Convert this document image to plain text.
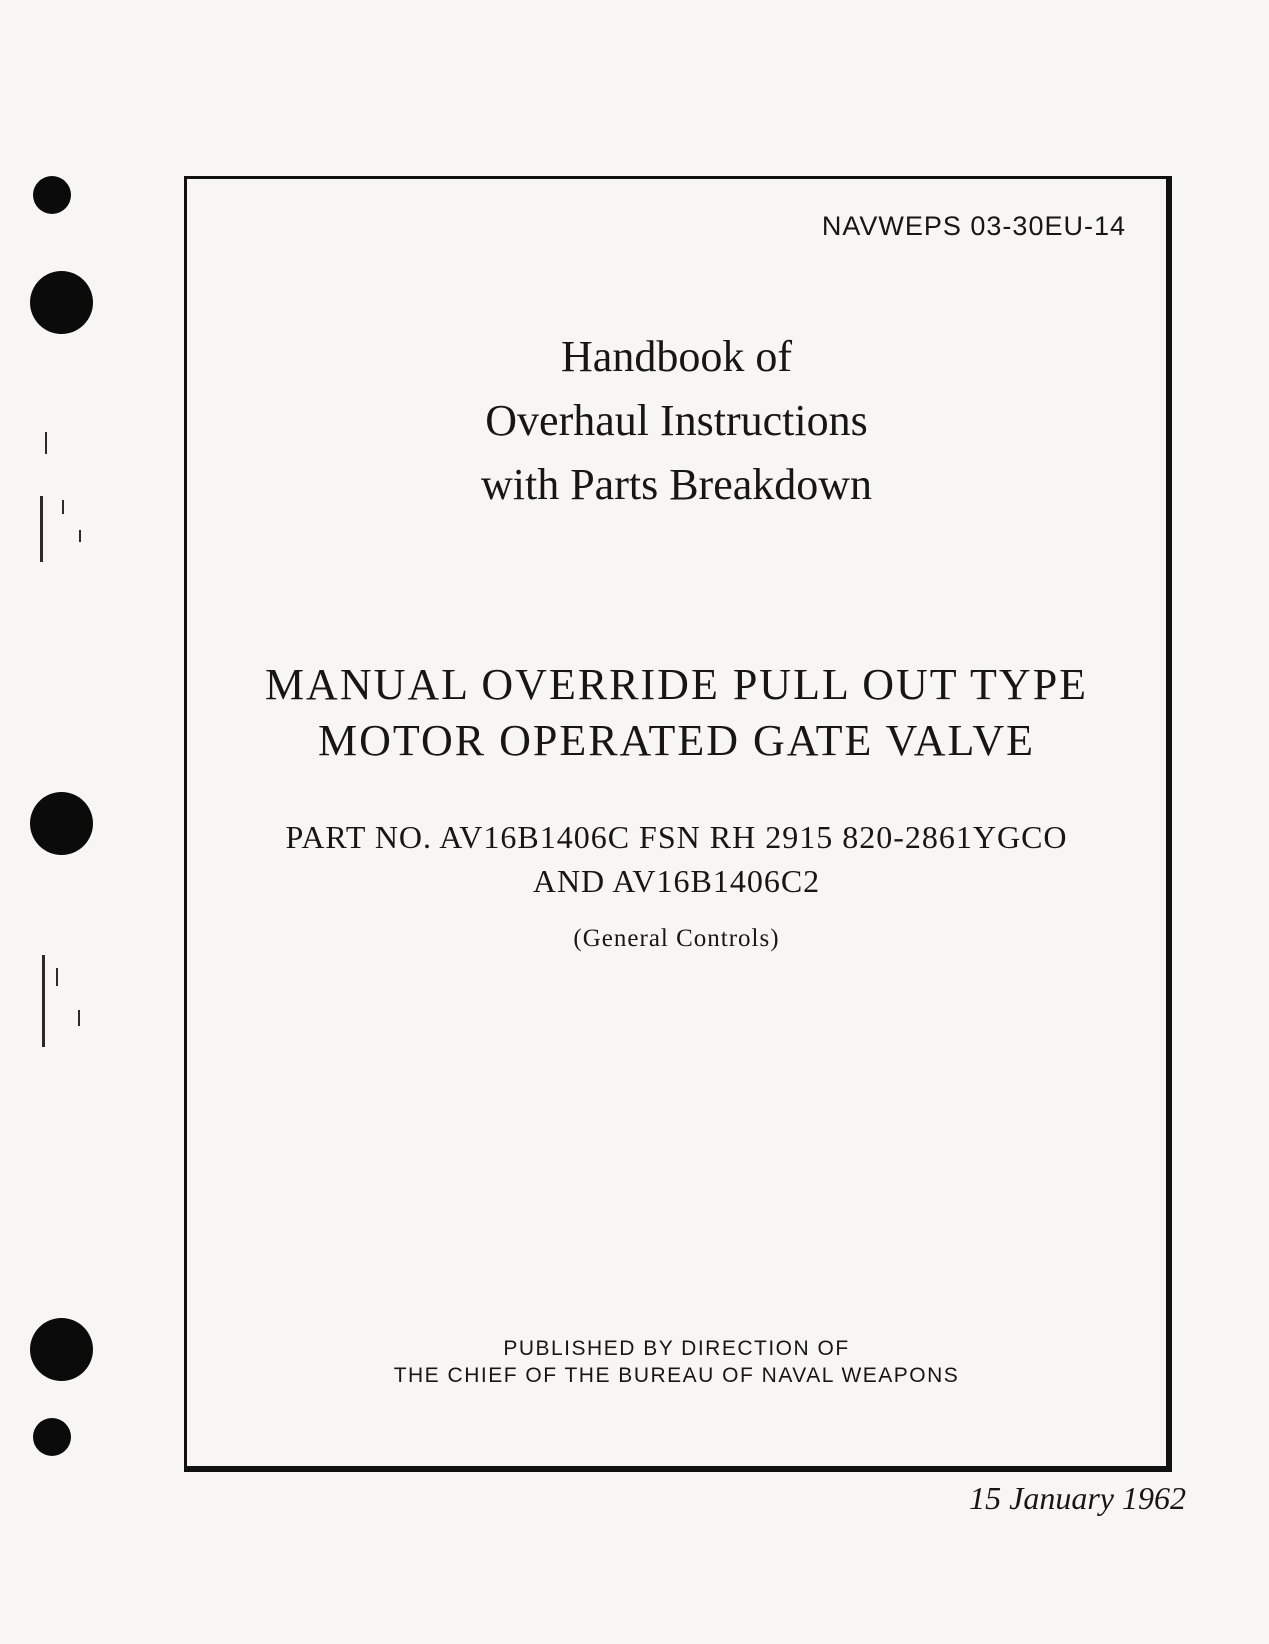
NAVWEPS 03-30EU-14
Handbook of
Overhaul Instructions
with Parts Breakdown
MANUAL OVERRIDE PULL OUT TYPE
MOTOR OPERATED GATE VALVE
PART NO. AV16B1406C FSN RH 2915 820-2861YGCO
AND AV16B1406C2
(General Controls)
PUBLISHED BY DIRECTION OF
THE CHIEF OF THE BUREAU OF NAVAL WEAPONS
15 January 1962
